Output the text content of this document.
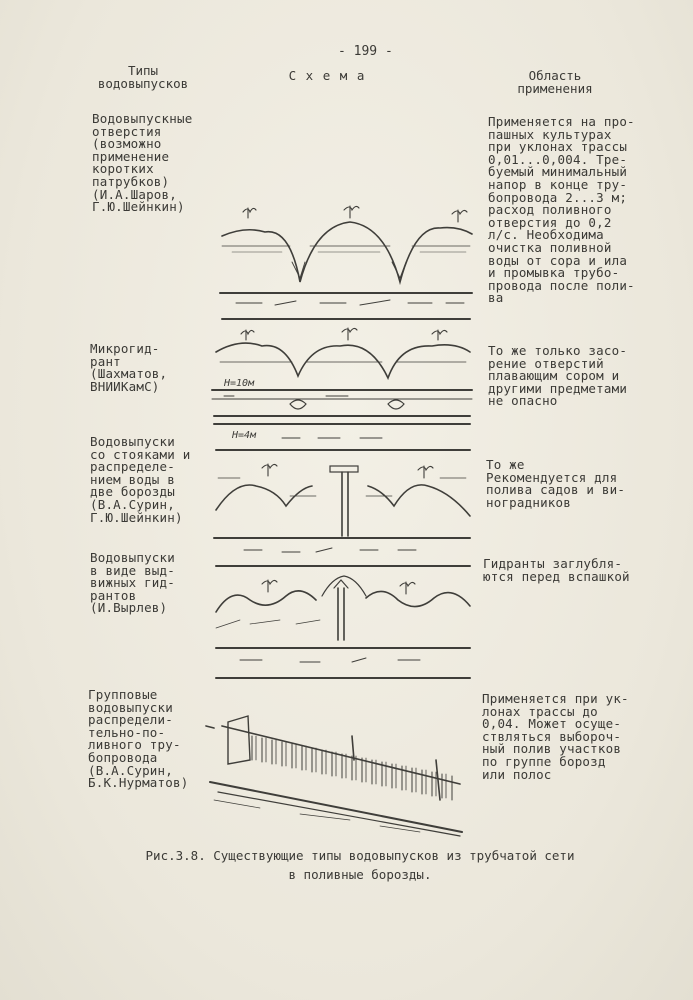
- 199 -
Типы
водовыпусков
С х е м а	Область
применения
Водовыпускные
отверстия
(возможно
применение
коротких
патрубков)
(И.А.Шаров,
Г.Ю.Шейнкин)
Применяется на про-
пашных культурах
при уклонах трассы
0,01...0,004. Тре-
буемый минимальный
напор в конце тру-
бопровода 2...3 м;
расход поливного
отверстия до 0,2
л/с. Необходима
очистка поливной
воды от сора и ила
и промывка трубо-
провода после поли-
ва
Микрогид-
рант
(Шахматов,
ВНИИКамС)
То же только засо-
рение отверстий
плавающим сором и
другими предметами
не опасно
Водовыпуски
со стояками и
распределе-
нием воды в
две борозды
(В.А.Сурин,
Г.Ю.Шейнкин)
То же
Рекомендуется для
полива садов и ви-
ноградников
Водовыпуски
в виде выд-
вижных гид-
рантов
(И.Вырлев)
Гидранты заглубля-
ются перед вспашкой
Групповые
водовыпуски
распредели-
тельно-по-
ливного тру-
бопровода
(В.А.Сурин,
Б.К.Нурматов)
Применяется при ук-
лонах трассы до
0,04. Может осуще-
ствляться выбороч-
ный полив участков
по группе борозд
или полос
Рис.3.8. Существующие типы водовыпусков из трубчатой сети
в поливные борозды.
H=10м
H=4м
